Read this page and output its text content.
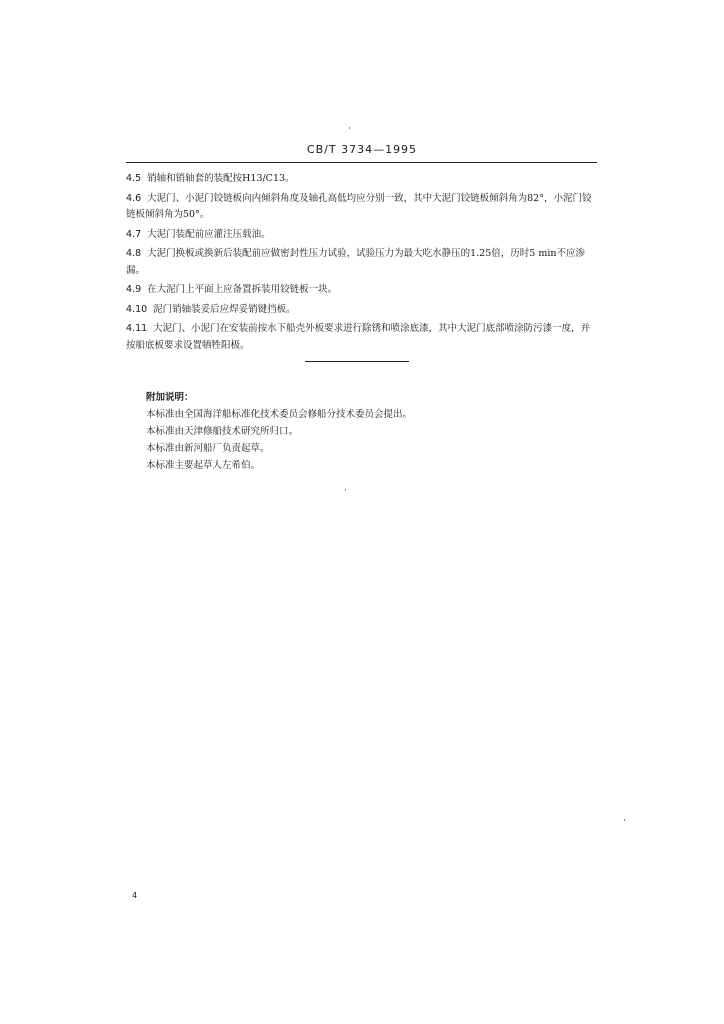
CB/T 3734—1995

4.5 销轴和销轴套的装配按H13/C13。

4.6 大泥门、小泥门铰链板向内倾斜角度及轴孔高低均应分别一致，其中大泥门铰链板倾斜角为82°，小泥门铰链板倾斜角为50°。

4.7 大泥门装配前应灌注压载油。

4.8 大泥门换板或换新后装配前应做密封性压力试验，试验压力为最大吃水静压的1.25倍，历时5 min不应渗漏。

4.9 在大泥门上平面上应备置拆装用铰链板一块。

4.10 泥门销轴装妥后应焊妥销键挡板。

4.11 大泥门、小泥门在安装前按水下船壳外板要求进行除锈和喷涂底漆，其中大泥门底部喷涂防污漆一度，并按船底板要求设置牺牲阳极。

附加说明：
本标准由全国海洋船标准化技术委员会修船分技术委员会提出。
本标准由天津修船技术研究所归口。
本标准由新河船厂负责起草。
本标准主要起草人左希伯。
4
